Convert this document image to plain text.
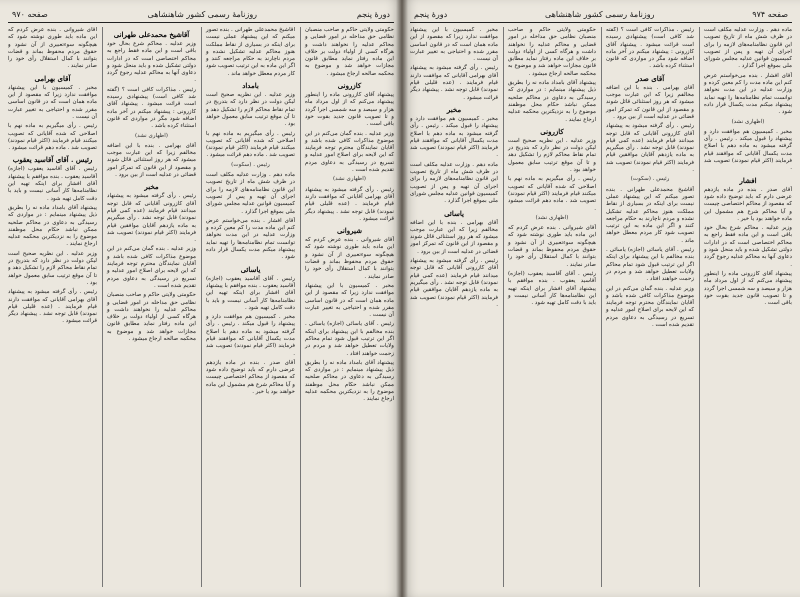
دورهٔ پنجم
روزنامهٔ رسمی کشور شاهنشاهی
صفحه ۹۷۰

حکومتی ولایتی حاکم و صاحب منصبان نظامی حق مداخله در امور قضایی و محاکم عدلیه را نخواهند داشت و هرگاه کسی از اولیاء دولت بر خلاف این ماده رفتار نماید مطابق قانون مجازات خواهد شد و موضوع به محکمه صالحه ارجاع میشود .

کازرونی

پیشنهاد آقای کازرونی ماده را اینطور پیشنهاد می‌کنم که از اول مرداد ماه هزار و سیصد و سه شمسی اجرا گردد و تا تصویب قانون جدید بقوت خود باقی است .

وزیر عدلیه . بنده گمان می‌کنم در این موضوع مذاکرات کافی شده باشد و آقایان نمایندگان محترم توجه فرمایند که این لایحه برای اصلاح امور عدلیه و تسریع در رسیدگی به دعاوی مردم تقدیم شده است .

(اظهاری نشد)

رئیس . رأی گرفته میشود به پیشنهاد آقای بهرامی آقایانی که موافقت دارند قیام فرمایند . (عده قلیلی قیام نمودند) قابل توجه نشد . پیشنهاد دیگر قرائت میشود .

شیروانی

آقای شیروانی . بنده عرض کردم که این ماده باید طوری نوشته شود که هیچگونه سوءتعبیری از آن نشود و حقوق مردم محفوظ بماند و قضات بتوانند با کمال استقلال رأی خود را صادر نمایند .

مخبر . کمیسیون با این پیشنهاد موافقت ندارد زیرا که مقصود از این ماده همان است که در قانون اساسی مقرر شده و احتیاجی به تغییر عبارت آن نیست .

رئیس . آقای یاسائی (اجازه) یاسائی . بنده مخالفم با این پیشنهاد برای اینکه اگر این ترتیب قبول شود تمام محاکم ولایات تعطیل خواهد شد و مردم در زحمت خواهند افتاد .

پیشنهاد آقای بامداد ماده نه را بطریق ذیل پیشنهاد مینمایم : در مواردی که رسیدگی به دعاوی در محاکم صلحیه ممکن نباشد حکام محل موظفند موضوع را به نزدیکترین محکمه عدلیه ارجاع نمایند .

آقاشیخ محمدعلی طهرانی . بنده تصور میکنم که این پیشنهاد عملی نیست برای اینکه در بسیاری از نقاط مملکت هنوز محاکم عدلیه تشکیل نشده و مردم ناچارند به حکام مراجعه کنند و اگر این ماده به این ترتیب تصویب شود کار مردم معطل خواهد ماند .

بامداد

وزیر عدلیه . این نظریه صحیح است لیکن دولت در نظر دارد که بتدریج در تمام نقاط محاکم لازم را تشکیل دهد و تا آن موقع ترتیب سابق معمول خواهد بود .

رئیس . رأی میگیریم به ماده نهم با اصلاحی که شده آقایانی که تصویب میکنند قیام فرمایند (اکثر قیام نمودند) تصویب شد . ماده دهم قرائت میشود .

رئیس . (سکوت)

ماده دهم . وزارت عدلیه مکلف است در ظرف شش ماه از تاریخ تصویب این قانون نظامنامه‌های لازمه را برای اجرای آن تهیه و پس از تصویب کمیسیون قوانین عدلیه مجلس شورای ملی بموقع اجرا گذارد .

آقای افشار . بنده می‌خواستم عرض کنم این ماده مدت را کم معین کرده و وزارت عدلیه در این مدت نخواهد توانست تمام نظامنامه‌ها را تهیه نماید پیشنهاد میکنم مدت یکسال قرار داده شود .

یاسائی

رئیس . آقای آقاسید یعقوب (اجازه) آقاسید یعقوب . بنده موافقم با پیشنهاد آقای افشار برای اینکه تهیه این نظامنامه‌ها کار آسانی نیست و باید با دقت کامل تهیه شود .

مخبر . کمیسیون هم موافقت دارد و پیشنهاد را قبول میکند . رئیس . رأی گرفته میشود به ماده دهم با اصلاح مدت یکسال آقایانی که موافقند قیام فرمایند (اکثر قیام نمودند) تصویب شد .

آقای صدر . بنده در ماده یازدهم عرضی دارم که باید توضیح داده شود که مقصود از محاکم اختصاصی چیست و آیا محاکم شرع هم مشمول این ماده خواهند بود یا خیر .

آقاشیخ محمدعلی طهرانی

وزیر عدلیه . محاکم شرع بحال خود باقی است و این ماده فقط راجع به محاکم اختصاصی است که در ادارات دولتی تشکیل شده و باید منحل شود و دعاوی آنها به محاکم عدلیه رجوع گردد .

رئیس . مذاکرات کافی است ؟ (گفته شد کافی است) پیشنهادی رسیده است قرائت میشود . پیشنهاد آقای کازرونی : پیشنهاد میکنم در آخر ماده اضافه شود مگر در مواردی که قانون استثناء کرده باشد .

(اظهاری نشد)

آقای بهرامی . بنده با این اضافه مخالفم زیرا که این عبارت موجب میشود که هر روز استثنائی قائل شوند و مقصود از این قانون که تمرکز امور قضائی در عدلیه است از بین برود .

مخبر

رئیس . رأی گرفته میشود به پیشنهاد آقای کازرونی آقایانی که قابل توجه میدانند قیام فرمایند (عده کمی قیام نمودند) قابل توجه نشد . رأی میگیریم به ماده یازدهم آقایان موافقین قیام فرمایند (اکثر قیام نمودند) تصویب شد .

وزیر عدلیه . بنده گمان می‌کنم در این موضوع مذاکرات کافی شده باشد و آقایان نمایندگان محترم توجه فرمایند که این لایحه برای اصلاح امور عدلیه و تسریع در رسیدگی به دعاوی مردم تقدیم شده است .

حکومتی ولایتی حاکم و صاحب منصبان نظامی حق مداخله در امور قضایی و محاکم عدلیه را نخواهند داشت و هرگاه کسی از اولیاء دولت بر خلاف این ماده رفتار نماید مطابق قانون مجازات خواهد شد و موضوع به محکمه صالحه ارجاع میشود .

آقای شیروانی . بنده عرض کردم که این ماده باید طوری نوشته شود که هیچگونه سوءتعبیری از آن نشود و حقوق مردم محفوظ بماند و قضات بتوانند با کمال استقلال رأی خود را صادر نمایند .

آقای بهرامی

مخبر . کمیسیون با این پیشنهاد موافقت ندارد زیرا که مقصود از این ماده همان است که در قانون اساسی مقرر شده و احتیاجی به تغییر عبارت آن نیست .

رئیس . رأی میگیریم به ماده نهم با اصلاحی که شده آقایانی که تصویب میکنند قیام فرمایند (اکثر قیام نمودند) تصویب شد . ماده دهم قرائت میشود .

رئیس . آقای آقاسید یعقوب

رئیس . آقای آقاسید یعقوب (اجازه) آقاسید یعقوب . بنده موافقم با پیشنهاد آقای افشار برای اینکه تهیه این نظامنامه‌ها کار آسانی نیست و باید با دقت کامل تهیه شود .

پیشنهاد آقای بامداد ماده نه را بطریق ذیل پیشنهاد مینمایم : در مواردی که رسیدگی به دعاوی در محاکم صلحیه ممکن نباشد حکام محل موظفند موضوع را به نزدیکترین محکمه عدلیه ارجاع نمایند .

وزیر عدلیه . این نظریه صحیح است لیکن دولت در نظر دارد که بتدریج در تمام نقاط محاکم لازم را تشکیل دهد و تا آن موقع ترتیب سابق معمول خواهد بود .

رئیس . رأی گرفته میشود به پیشنهاد آقای بهرامی آقایانی که موافقت دارند قیام فرمایند . (عده قلیلی قیام نمودند) قابل توجه نشد . پیشنهاد دیگر قرائت میشود .

صفحه ۹۷۴
روزنامهٔ رسمی کشور شاهنشاهی
دورهٔ پنجم

ماده دهم . وزارت عدلیه مکلف است در ظرف شش ماه از تاریخ تصویب این قانون نظامنامه‌های لازمه را برای اجرای آن تهیه و پس از تصویب کمیسیون قوانین عدلیه مجلس شورای ملی بموقع اجرا گذارد .

آقای افشار . بنده می‌خواستم عرض کنم این ماده مدت را کم معین کرده و وزارت عدلیه در این مدت نخواهد توانست تمام نظامنامه‌ها را تهیه نماید پیشنهاد میکنم مدت یکسال قرار داده شود .

(اظهاری نشد)

مخبر . کمیسیون هم موافقت دارد و پیشنهاد را قبول میکند . رئیس . رأی گرفته میشود به ماده دهم با اصلاح مدت یکسال آقایانی که موافقند قیام فرمایند (اکثر قیام نمودند) تصویب شد .

افشار

آقای صدر . بنده در ماده یازدهم عرضی دارم که باید توضیح داده شود که مقصود از محاکم اختصاصی چیست و آیا محاکم شرع هم مشمول این ماده خواهند بود یا خیر .

وزیر عدلیه . محاکم شرع بحال خود باقی است و این ماده فقط راجع به محاکم اختصاصی است که در ادارات دولتی تشکیل شده و باید منحل شود و دعاوی آنها به محاکم عدلیه رجوع گردد .

پیشنهاد آقای کازرونی ماده را اینطور پیشنهاد می‌کنم که از اول مرداد ماه هزار و سیصد و سه شمسی اجرا گردد و تا تصویب قانون جدید بقوت خود باقی است .

رئیس . مذاکرات کافی است ؟ (گفته شد کافی است) پیشنهادی رسیده است قرائت میشود . پیشنهاد آقای کازرونی : پیشنهاد میکنم در آخر ماده اضافه شود مگر در مواردی که قانون استثناء کرده باشد .

آقای صدر

آقای بهرامی . بنده با این اضافه مخالفم زیرا که این عبارت موجب میشود که هر روز استثنائی قائل شوند و مقصود از این قانون که تمرکز امور قضائی در عدلیه است از بین برود .

رئیس . رأی گرفته میشود به پیشنهاد آقای کازرونی آقایانی که قابل توجه میدانند قیام فرمایند (عده کمی قیام نمودند) قابل توجه نشد . رأی میگیریم به ماده یازدهم آقایان موافقین قیام فرمایند (اکثر قیام نمودند) تصویب شد .

رئیس . (سکوت)

آقاشیخ محمدعلی طهرانی . بنده تصور میکنم که این پیشنهاد عملی نیست برای اینکه در بسیاری از نقاط مملکت هنوز محاکم عدلیه تشکیل نشده و مردم ناچارند به حکام مراجعه کنند و اگر این ماده به این ترتیب تصویب شود کار مردم معطل خواهد ماند .

رئیس . آقای یاسائی (اجازه) یاسائی . بنده مخالفم با این پیشنهاد برای اینکه اگر این ترتیب قبول شود تمام محاکم ولایات تعطیل خواهد شد و مردم در زحمت خواهند افتاد .

وزیر عدلیه . بنده گمان می‌کنم در این موضوع مذاکرات کافی شده باشد و آقایان نمایندگان محترم توجه فرمایند که این لایحه برای اصلاح امور عدلیه و تسریع در رسیدگی به دعاوی مردم تقدیم شده است .

حکومتی ولایتی حاکم و صاحب منصبان نظامی حق مداخله در امور قضایی و محاکم عدلیه را نخواهند داشت و هرگاه کسی از اولیاء دولت بر خلاف این ماده رفتار نماید مطابق قانون مجازات خواهد شد و موضوع به محکمه صالحه ارجاع میشود .

پیشنهاد آقای بامداد ماده نه را بطریق ذیل پیشنهاد مینمایم : در مواردی که رسیدگی به دعاوی در محاکم صلحیه ممکن نباشد حکام محل موظفند موضوع را به نزدیکترین محکمه عدلیه ارجاع نمایند .

کازرونی

وزیر عدلیه . این نظریه صحیح است لیکن دولت در نظر دارد که بتدریج در تمام نقاط محاکم لازم را تشکیل دهد و تا آن موقع ترتیب سابق معمول خواهد بود .

رئیس . رأی میگیریم به ماده نهم با اصلاحی که شده آقایانی که تصویب میکنند قیام فرمایند (اکثر قیام نمودند) تصویب شد . ماده دهم قرائت میشود .

(اظهاری نشد)

آقای شیروانی . بنده عرض کردم که این ماده باید طوری نوشته شود که هیچگونه سوءتعبیری از آن نشود و حقوق مردم محفوظ بماند و قضات بتوانند با کمال استقلال رأی خود را صادر نمایند .

رئیس . آقای آقاسید یعقوب (اجازه) آقاسید یعقوب . بنده موافقم با پیشنهاد آقای افشار برای اینکه تهیه این نظامنامه‌ها کار آسانی نیست و باید با دقت کامل تهیه شود .

مخبر . کمیسیون با این پیشنهاد موافقت ندارد زیرا که مقصود از این ماده همان است که در قانون اساسی مقرر شده و احتیاجی به تغییر عبارت آن نیست .

رئیس . رأی گرفته میشود به پیشنهاد آقای بهرامی آقایانی که موافقت دارند قیام فرمایند . (عده قلیلی قیام نمودند) قابل توجه نشد . پیشنهاد دیگر قرائت میشود .

مخبر

مخبر . کمیسیون هم موافقت دارد و پیشنهاد را قبول میکند . رئیس . رأی گرفته میشود به ماده دهم با اصلاح مدت یکسال آقایانی که موافقند قیام فرمایند (اکثر قیام نمودند) تصویب شد .

ماده دهم . وزارت عدلیه مکلف است در ظرف شش ماه از تاریخ تصویب این قانون نظامنامه‌های لازمه را برای اجرای آن تهیه و پس از تصویب کمیسیون قوانین عدلیه مجلس شورای ملی بموقع اجرا گذارد .

یاسائی

آقای بهرامی . بنده با این اضافه مخالفم زیرا که این عبارت موجب میشود که هر روز استثنائی قائل شوند و مقصود از این قانون که تمرکز امور قضائی در عدلیه است از بین برود .

رئیس . رأی گرفته میشود به پیشنهاد آقای کازرونی آقایانی که قابل توجه میدانند قیام فرمایند (عده کمی قیام نمودند) قابل توجه نشد . رأی میگیریم به ماده یازدهم آقایان موافقین قیام فرمایند (اکثر قیام نمودند) تصویب شد .
